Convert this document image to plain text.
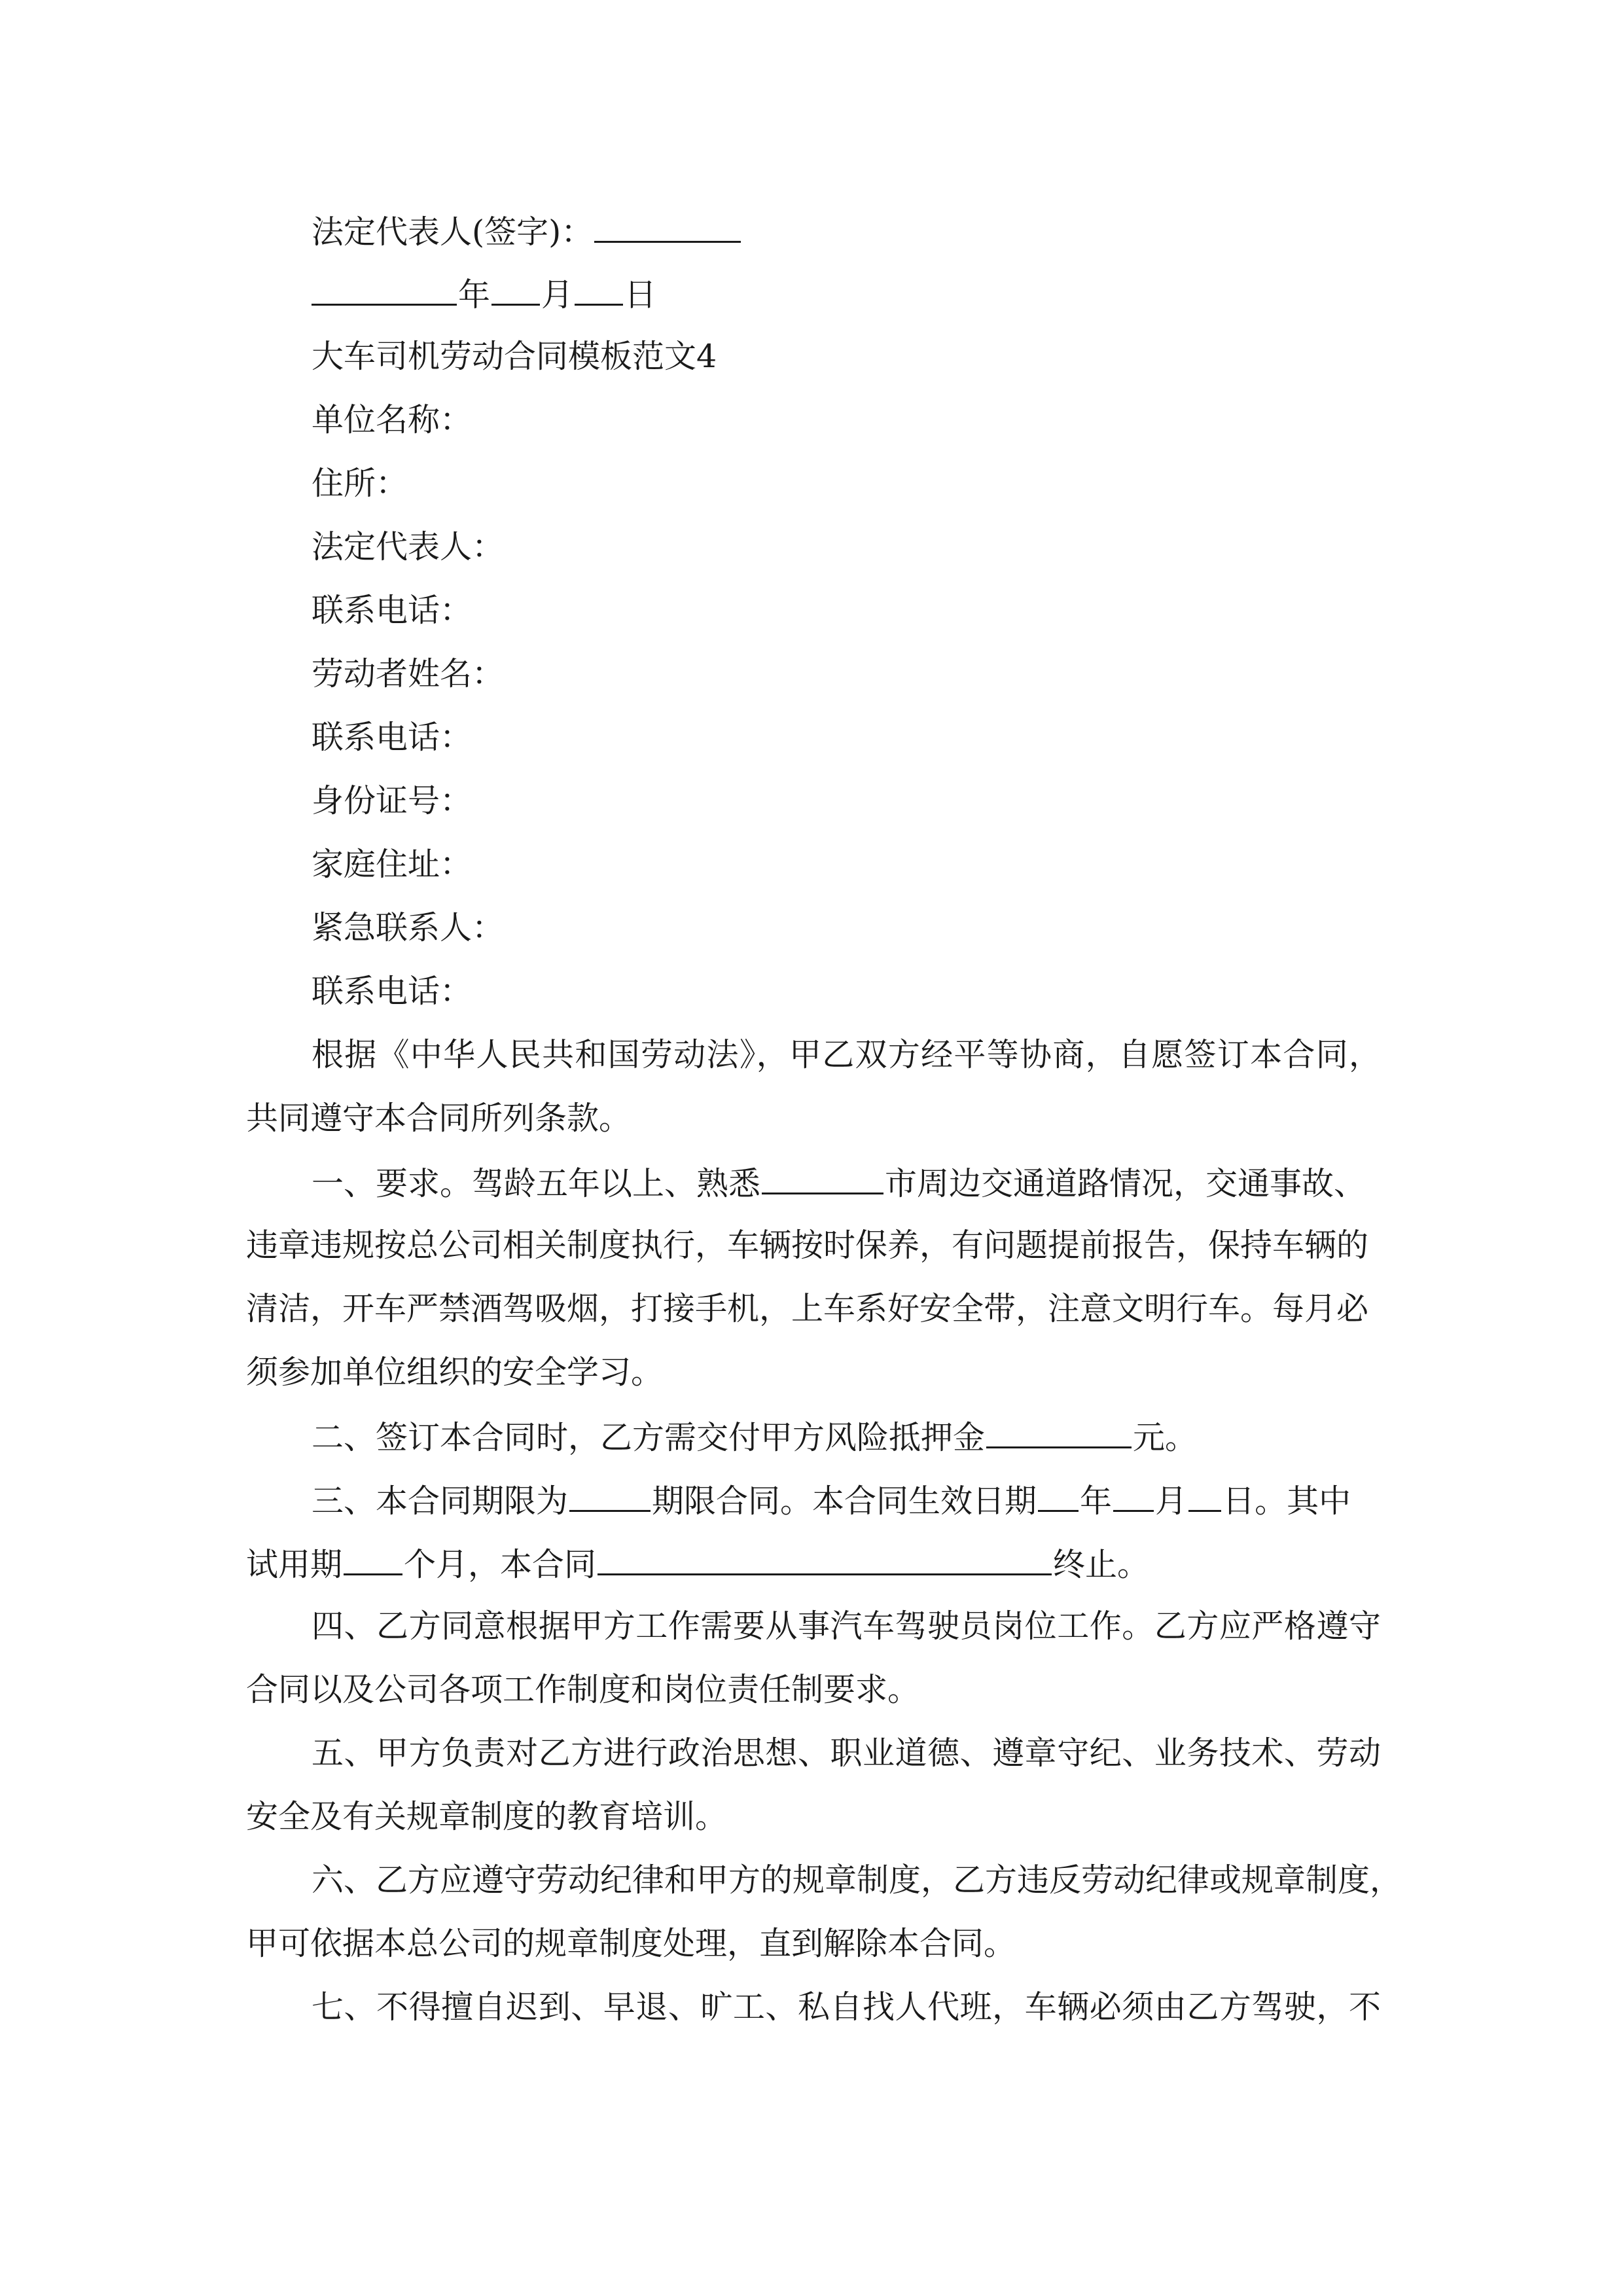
法定代表人(签字)：
年 月 日
大车司机劳动合同模板范文4
单位名称：
住所：
法定代表人：
联系电话：
劳动者姓名：
联系电话：
身份证号：
家庭住址：
紧急联系人：
联系电话：
根据《中华人民共和国劳动法》，甲乙双方经平等协商，自愿签订本合同，
共同遵守本合同所列条款。
一、要求。驾龄五年以上、熟悉	市周边交通道路情况，交通事故、
违章违规按总公司相关制度执行，车辆按时保养，有问题提前报告，保持车辆的
清洁，开车严禁酒驾吸烟，打接手机，上车系好安全带，注意文明行车。每月必
须参加单位组织的安全学习。
二、签订本合同时，乙方需交付甲方风险抵押金	元。
三、本合同期限为	期限合同。本合同生效日期 年 月 日。其中
试用期 个月，本合同	终止。
四、乙方同意根据甲方工作需要从事汽车驾驶员岗位工作。乙方应严格遵守
合同以及公司各项工作制度和岗位责任制要求。
五、甲方负责对乙方进行政治思想、职业道德、遵章守纪、业务技术、劳动
安全及有关规章制度的教育培训。
六、乙方应遵守劳动纪律和甲方的规章制度，乙方违反劳动纪律或规章制度，
甲可依据本总公司的规章制度处理，直到解除本合同。
七、不得擅自迟到、早退、旷工、私自找人代班，车辆必须由乙方驾驶，不
